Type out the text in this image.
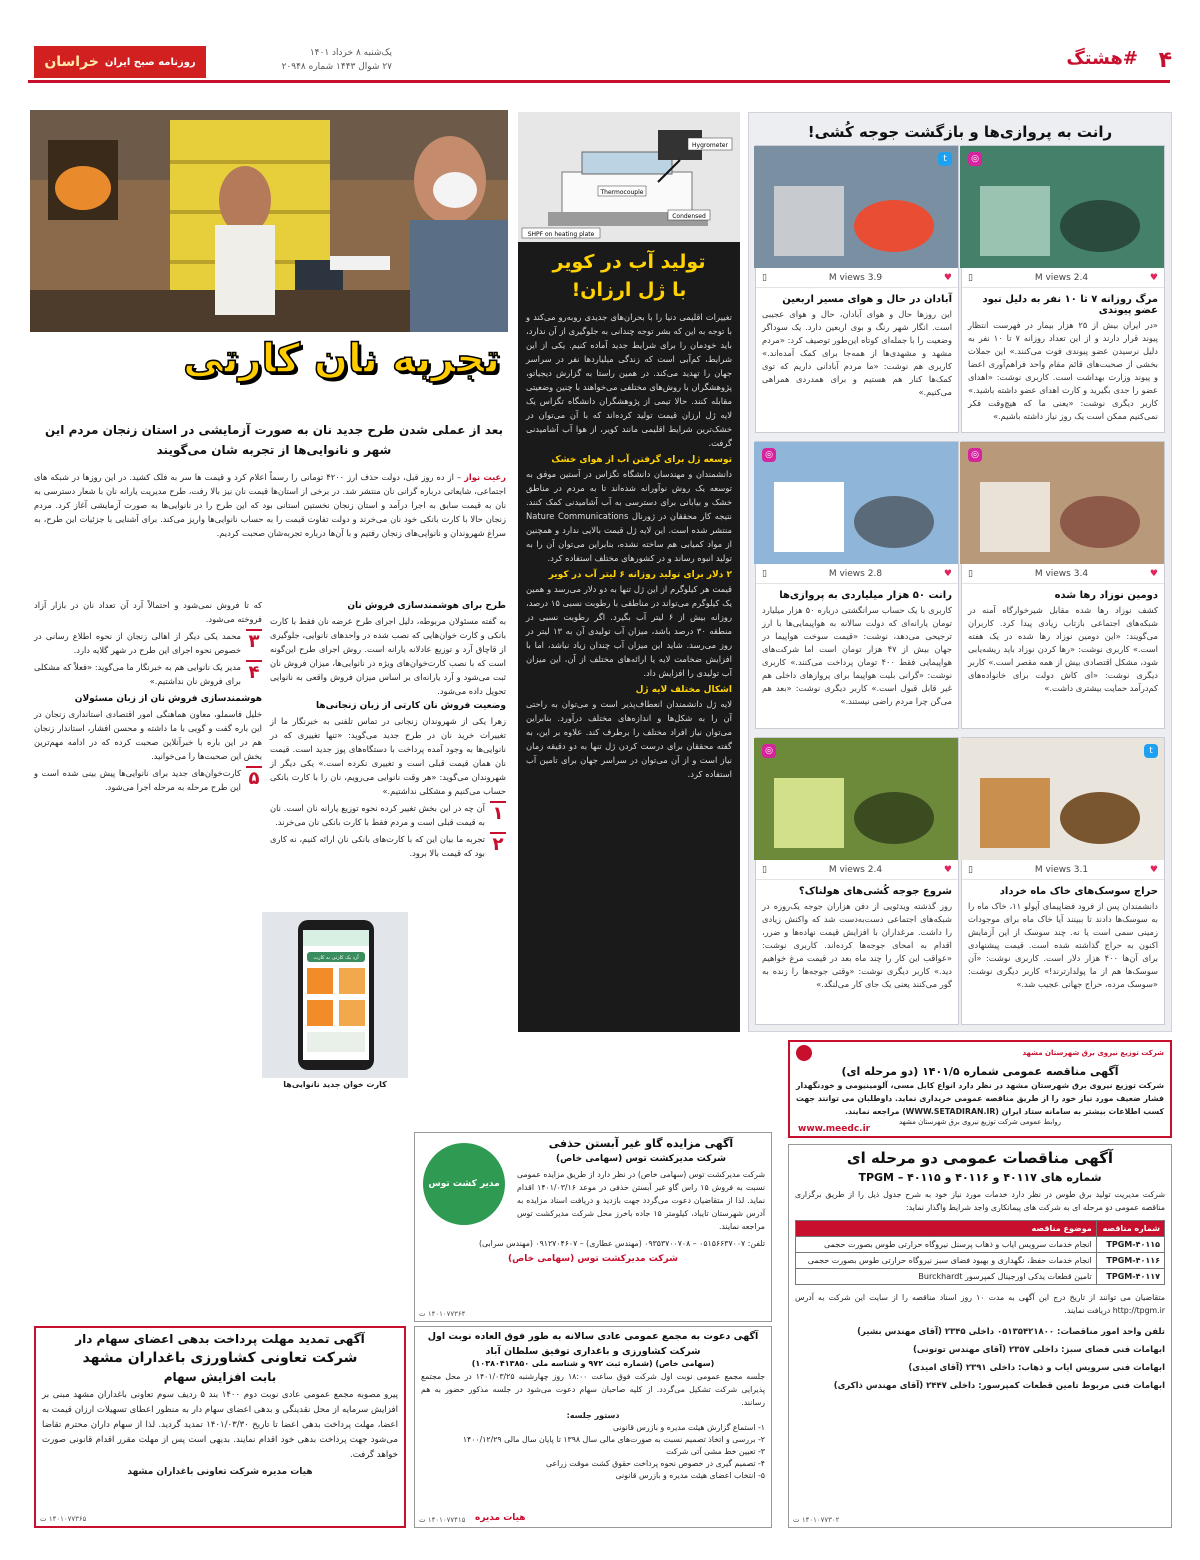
۴
#هشتگ
روزنامه صبح ایران
خراسان
یک‌شنبه ۸ خرداد ۱۴۰۱
۲۷ شوال ۱۴۴۳ شماره ۲۰۹۴۸
رانت به پروازی‌ها و بازگشت جوجه کُشی!
t
♥
3.9 M views
▯
آبادان در حال و هوای مسیر اربعین

این روزها حال و هوای آبادان، حال و هوای عجیبی است. انگار شهر رنگ و بوی اربعین دارد. یک سوداگر وضعیت را با جمله‌ای کوتاه این‌طور توصیف کرد: «مردم مشهد و مشهدی‌ها از همه‌جا برای کمک آمده‌اند.» کاربری هم نوشت: «ما مردم آبادانی داریم که توی کمک‌ها کنار هم هستیم و برای همدردی همراهی می‌کنیم.»

◎
♥
2.4 M views
▯
مرگ روزانه ۷ تا ۱۰ نفر به دلیل نبود عضو پیوندی

«در ایران بیش از ۲۵ هزار بیمار در فهرست انتظار پیوند قرار دارند و از این تعداد روزانه ۷ تا ۱۰ نفر به دلیل نرسیدن عضو پیوندی فوت می‌کنند.» این جملات بخشی از صحبت‌های قائم مقام واحد فراهم‌آوری اعضا و پیوند وزارت بهداشت است. کاربری نوشت: «اهدای عضو را جدی بگیرید و کارت اهدای عضو داشته باشید.» کاربر دیگری نوشت: «یعنی ما که هیچ‌وقت فکر نمی‌کنیم ممکن است یک روز نیاز داشته باشیم.»

◎
♥
2.8 M views
▯
رانت ۵۰ هزار میلیاردی به پروازی‌ها

کاربری با یک حساب سرانگشتی درباره ۵۰ هزار میلیارد تومان یارانه‌ای که دولت سالانه به هواپیمایی‌ها با ارز ترجیحی می‌دهد، نوشت: «قیمت سوخت هواپیما در جهان بیش از ۴۷ هزار تومان است اما شرکت‌های هواپیمایی فقط ۴۰۰ تومان پرداخت می‌کنند.» کاربری نوشت: «گرانی بلیت هواپیما برای پروازهای داخلی هم غیر قابل قبول است.» کاربر دیگری نوشت: «بعد هم می‌گن چرا مردم راضی نیستند.»

◎
♥
3.4 M views
▯
دومین نوزاد رها شده

کشف نوزاد رها شده مقابل شیرخوارگاه آمنه در شبکه‌های اجتماعی بازتاب زیادی پیدا کرد. کاربران می‌گویند: «این دومین نوزاد رها شده در یک هفته است.» کاربری نوشت: «رها کردن نوزاد باید ریشه‌یابی شود، مشکل اقتصادی بیش از همه مقصر است.» کاربر دیگری نوشت: «ای کاش دولت برای خانواده‌های کم‌درآمد حمایت بیشتری داشت.»

◎
♥
2.4 M views
▯
شروع جوجه کُشی‌های هولناک؟

روز گذشته ویدئویی از دفن هزاران جوجه یک‌روزه در شبکه‌های اجتماعی دست‌به‌دست شد که واکنش زیادی را داشت. مرغداران با افزایش قیمت نهاده‌ها و ضرر، اقدام به امحای جوجه‌ها کرده‌اند. کاربری نوشت: «عواقب این کار را چند ماه بعد در قیمت مرغ خواهیم دید.» کاربر دیگری نوشت: «وقتی جوجه‌ها را زنده به گور می‌کنند یعنی یک جای کار می‌لنگد.»

t
♥
3.1 M views
▯
حراج سوسک‌های خاک ماه خرداد

دانشمندان پس از فرود فضاپیمای آپولو ۱۱، خاک ماه را به سوسک‌ها دادند تا ببینند آیا خاک ماه برای موجودات زمینی سمی است یا نه. چند سوسک از این آزمایش اکنون به حراج گذاشته شده است. قیمت پیشنهادی برای آن‌ها ۴۰۰ هزار دلار است. کاربری نوشت: «آن سوسک‌ها هم از ما پولدارترند!» کاربر دیگری نوشت: «سوسک مرده، حراج جهانی عجیب شد.»

Hygrometer
Thermocouple
Condensed
SHPF on heating plate
تولید آب در کویر
با ژل ارزان!

تغییرات اقلیمی دنیا را با بحران‌های جدیدی روبه‌رو می‌کند و با توجه به این که بشر توجه چندانی به جلوگیری از آن ندارد، باید خودمان را برای شرایط جدید آماده کنیم. یکی از این شرایط، کم‌آبی است که زندگی میلیاردها نفر در سراسر جهان را تهدید می‌کند. در همین راستا به گزارش دیجیاتو، پژوهشگران با روش‌های مختلفی می‌خواهند با چنین وضعیتی مقابله کنند. حالا تیمی از پژوهشگران دانشگاه تگزاس یک لایه ژل ارزان قیمت تولید کرده‌اند که با آن می‌توان در خشک‌ترین شرایط اقلیمی مانند کویر، از هوا آب آشامیدنی گرفت.

توسعه ژل برای گرفتن آب از هوای خشک

دانشمندان و مهندسان دانشگاه تگزاس در آستین موفق به توسعه یک روش نوآورانه شده‌اند تا به مردم در مناطق خشک و بیابانی برای دسترسی به آب آشامیدنی کمک کنند. نتیجه کار محققان در ژورنال Nature Communications منتشر شده است. این لایه ژل قیمت بالایی ندارد و همچنین از مواد کمیابی هم ساخته نشده، بنابراین می‌توان آن را به تولید انبوه رساند و در کشورهای مختلف استفاده کرد.

۲ دلار برای تولید روزانه ۶ لیتر آب در کویر

قیمت هر کیلوگرم از این ژل تنها به دو دلار می‌رسد و همین یک کیلوگرم می‌تواند در مناطقی با رطوبت نسبی ۱۵ درصد، روزانه بیش از ۶ لیتر آب بگیرد. اگر رطوبت نسبی در منطقه ۳۰ درصد باشد، میزان آب تولیدی آن به ۱۳ لیتر در روز می‌رسد. شاید این میزان آب چندان زیاد نباشد، اما با افزایش ضخامت لایه یا ارائه‌های مختلف از آن، این میزان آب تولیدی را افزایش داد.

اشکال مختلف لایه ژل

لایه ژل دانشمندان انعطاف‌پذیر است و می‌توان به راحتی آن را به شکل‌ها و اندازه‌های مختلف درآورد. بنابراین می‌توان نیاز افراد مختلف را برطرف کند. علاوه بر این، به گفته محققان برای درست کردن ژل تنها به دو دقیقه زمان نیاز است و از آن می‌توان در سراسر جهان برای تامین آب استفاده کرد.

تجربه نان کارتی
بعد از عملی شدن طرح جدید نان به صورت آزمایشی در استان زنجان مردم این شهر و نانوایی‌ها از تجربه شان می‌گویند
رعیت نواز – از ده روز قبل، دولت حذف ارز ۴۲۰۰ تومانی را رسماً اعلام کرد و قیمت ها سر به فلک کشید. در این روزها در شبکه های اجتماعی، شایعاتی درباره گرانی نان منتشر شد. در برخی از استان‌ها قیمت نان نیز بالا رفت، طرح مدیریت یارانه نان با شعار دسترسی به نان به قیمت سابق به اجرا درآمد و استان زنجان نخستین استانی بود که این طرح را در نانوایی‌ها به صورت آزمایشی آغاز کرد. مردم زنجان حالا با کارت بانکی خود نان می‌خرند و دولت تفاوت قیمت را به حساب نانوایی‌ها واریز می‌کند. برای آشنایی با جزئیات این طرح، به سراغ شهروندان و نانوایی‌های زنجان رفتیم و با آن‌ها درباره تجربه‌شان صحبت کردیم.
طرح برای هوشمندسازی فروش نان
به گفته مسئولان مربوطه، دلیل اجرای طرح عرضه نان فقط با کارت بانکی و کارت خوان‌هایی که نصب شده در واحدهای نانوایی، جلوگیری از قاچاق آرد و توزیع عادلانه یارانه است. روش اجرای طرح این‌گونه است که با نصب کارت‌خوان‌های ویژه در نانوایی‌ها، میزان فروش نان ثبت می‌شود و آرد یارانه‌ای بر اساس میزان فروش واقعی به نانوایی تحویل داده می‌شود.
وضعیت فروش نان کارتی از زبان زنجانی‌ها
زهرا یکی از شهروندان زنجانی در تماس تلفنی به خبرنگار ما از تغییرات خرید نان در طرح جدید می‌گوید: «تنها تغییری که در نانوایی‌ها به وجود آمده پرداخت با دستگاه‌های پوز جدید است. قیمت نان همان قیمت قبلی است و تغییری نکرده است.» یکی دیگر از شهروندان می‌گوید: «هر وقت نانوایی می‌رویم، نان را با کارت بانکی حساب می‌کنیم و مشکلی نداشتیم.»
۱
آن چه در این بخش تغییر کرده نحوه توزیع یارانه نان است. نان به قیمت قبلی است و مردم فقط با کارت بانکی نان می‌خرند.
۲
تجربه ما بیان این که با کارت‌های بانکی نان ارائه کنیم، نه کاری بود که قیمت بالا برود.
که تا فروش نمی‌شود و احتمالاً آرد آن تعداد نان در بازار آزاد فروخته می‌شود.
۳
محمد یکی دیگر از اهالی زنجان از نحوه اطلاع رسانی در خصوص نحوه اجرای این طرح در شهر گلایه دارد.
۴
مدیر یک نانوایی هم به خبرنگار ما می‌گوید: «فعلاً که مشکلی برای فروش نان نداشتیم.»
هوشمندسازی فروش نان از زبان مسئولان
خلیل فاسملو، معاون هماهنگی امور اقتصادی استانداری زنجان در این باره گفت و گویی با ما داشته و محسن افشار، استاندار زنجان هم در این باره با خبرآنلاین صحبت کرده که در ادامه مهم‌ترین بخش این صحبت‌ها را می‌خوانید.
۵
کارت‌خوان‌های جدید برای نانوایی‌ها پیش بینی شده است و این طرح مرحله به مرحله اجرا می‌شود.
آرد یک کارتی به کارت
کارت خوان جدید نانوایی‌ها
شرکت توزیع نیروی برق شهرستان مشهد
آگهی مناقصه عمومی شماره ۱۴۰۱/۵ (دو مرحله ای)

شرکت توزیع نیروی برق شهرستان مشهد در نظر دارد انواع کابل مسی، آلومینیومی و خودنگهدار فشار ضعیف مورد نیاز خود را از طریق مناقصه عمومی خریداری نماید. داوطلبان می توانند جهت کسب اطلاعات بیشتر به سامانه ستاد ایران (WWW.SETADIRAN.IR) مراجعه نمایند.

روابط عمومی شرکت توزیع نیروی برق شهرستان مشهد
www.meedc.ir
آگهی مناقصات عمومی دو مرحله ای
شماره های ۴۰۱۱۷ و ۴۰۱۱۶ و ۴۰۱۱۵ – TPGM

شرکت مدیریت تولید برق طوس در نظر دارد خدمات مورد نیاز خود به شرح جدول ذیل را از طریق برگزاری مناقصه عمومی دو مرحله ای به شرکت های پیمانکاری واجد شرایط واگذار نماید:

شماره مناقصه	موضوع مناقصه
TPGM-۴۰۱۱۵	انجام خدمات سرویس ایاب و ذهاب پرسنل نیروگاه حرارتی طوس بصورت حجمی
TPGM-۴۰۱۱۶	انجام خدمات حفظ، نگهداری و بهبود فضای سبز نیروگاه حرارتی طوس بصورت حجمی
TPGM-۴۰۱۱۷	تامین قطعات یدکی اورجینال کمپرسور Burckhardt

متقاضیان می توانند از تاریخ درج این آگهی به مدت ۱۰ روز اسناد مناقصه را از سایت این شرکت به آدرس http://tpgm.ir دریافت نمایند.

تلفن واحد امور مناقصات: ۰۵۱۳۵۴۲۱۸۰۰ داخلی ۲۳۴۵ (آقای مهندس بشیر)
ابهامات فنی فضای سبز: داخلی ۲۳۵۷ (آقای مهندس توتونی)
ابهامات فنی سرویس ایاب و ذهاب: داخلی ۲۳۹۱ (آقای امیدی)
ابهامات فنی مربوط تامین قطعات کمپرسور: داخلی ۲۴۴۷ (آقای مهندس ذاکری)
۱۴۰۱۰۷۷۳۰۲ ت
مدیر کشت توس
آگهی مزایده گاو غیر آبستن حذفی
شرکت مدیرکشت توس (سهامی خاص)

شرکت مدیرکشت توس (سهامی خاص) در نظر دارد از طریق مزایده عمومی نسبت به فروش ۱۵ راس گاو غیر آبستن حذفی در موعد ۱۴۰۱/۰۳/۱۶ اقدام نماید. لذا از متقاضیان دعوت می‌گردد جهت بازدید و دریافت اسناد مزایده به آدرس شهرستان تایباد، کیلومتر ۱۵ جاده باخرز محل شرکت مدیرکشت توس مراجعه نمایند.

تلفن: ۰۵۱۵۶۶۳۷۰۰۷ – ۰۹۳۵۳۷۰۰۷۰۸ (مهندس عطاری) – ۰۹۱۲۷۰۴۶۰۷ (مهندس سرابی)

شرکت مدیرکشت توس (سهامی خاص)
۱۴۰۱۰۷۷۳۶۴ ت
آگهی دعوت به مجمع عمومی عادی سالانه به طور فوق العاده نوبت اول
شرکت کشاورزی و باغداری توفیق سلطان آباد
(سهامی خاص) (شماره ثبت ۹۷۲ و شناسه ملی ۱۰۳۸۰۴۱۳۸۵۰)

جلسه مجمع عمومی نوبت اول شرکت فوق ساعت ۱۸:۰۰ روز چهارشنبه ۱۴۰۱/۰۳/۲۵ در محل مجتمع پذیرایی شرکت تشکیل می‌گردد. از کلیه صاحبان سهام دعوت می‌شود در جلسه مذکور حضور به هم رسانند.

دستور جلسه:
۱- استماع گزارش هیئت مدیره و بازرس قانونی
۲- بررسی و اتخاذ تصمیم نسبت به صورت‌های مالی سال ۱۳۹۸ تا پایان سال مالی ۱۴۰۰/۱۲/۲۹
۳- تعیین خط مشی آتی شرکت
۴- تصمیم گیری در خصوص نحوه پرداخت حقوق کشت موقت زراعی
۵- انتخاب اعضای هیئت مدیره و بازرس قانونی
هیات مدیره
۱۴۰۱۰۷۷۴۱۵ ت
آگهی تمدید مهلت پرداخت بدهی اعضای سهام دار
شرکت تعاونی کشاورزی باغداران مشهد
بابت افزایش سهام

پیرو مصوبه مجمع عمومی عادی نوبت دوم ۱۴۰۰ بند ۵ ردیف سوم تعاونی باغداران مشهد مبنی بر افزایش سرمایه از محل نقدینگی و بدهی اعضای سهام دار به منظور اعطای تسهیلات ارزان قیمت به اعضا، مهلت پرداخت بدهی اعضا تا تاریخ ۱۴۰۱/۰۳/۳۰ تمدید گردید. لذا از سهام داران محترم تقاضا می‌شود جهت پرداخت بدهی خود اقدام نمایند. بدیهی است پس از مهلت مقرر اقدام قانونی صورت خواهد گرفت.

هیات مدیره شرکت تعاونی باغداران مشهد
۱۴۰۱۰۷۷۳۶۵ ت
